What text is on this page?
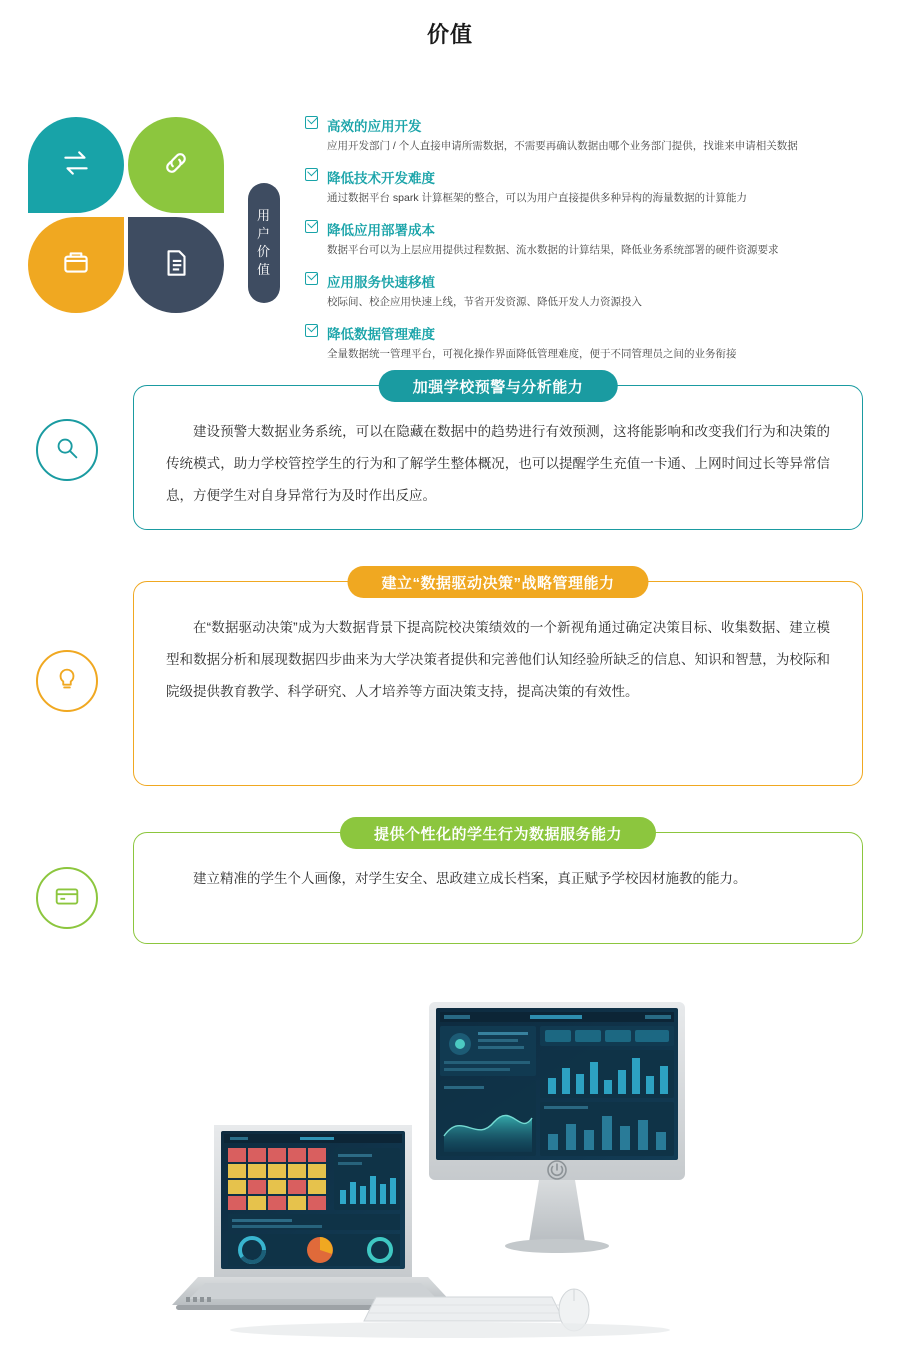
价值
用户价值
高效的应用开发
应用开发部门 / 个人直接申请所需数据，不需要再确认数据由哪个业务部门提供，找谁来申请相关数据
降低技术开发难度
通过数据平台 spark 计算框架的整合，可以为用户直接提供多种异构的海量数据的计算能力
降低应用部署成本
数据平台可以为上层应用提供过程数据、流水数据的计算结果，降低业务系统部署的硬件资源要求
应用服务快速移植
校际间、校企应用快速上线，节省开发资源、降低开发人力资源投入
降低数据管理难度
全量数据统一管理平台，可视化操作界面降低管理难度，便于不同管理员之间的业务衔接
加强学校预警与分析能力
建设预警大数据业务系统，可以在隐藏在数据中的趋势进行有效预测，这将能影响和改变我们行为和决策的传统模式，助力学校管控学生的行为和了解学生整体概况，也可以提醒学生充值一卡通、上网时间过长等异常信息，方便学生对自身异常行为及时作出反应。
建立“数据驱动决策”战略管理能力
在“数据驱动决策”成为大数据背景下提高院校决策绩效的一个新视角通过确定决策目标、收集数据、建立模型和数据分析和展现数据四步曲来为大学决策者提供和完善他们认知经验所缺乏的信息、知识和智慧，为校际和院级提供教育教学、科学研究、人才培养等方面决策支持，提高决策的有效性。
提供个性化的学生行为数据服务能力
建立精准的学生个人画像，对学生安全、思政建立成长档案，真正赋予学校因材施教的能力。
